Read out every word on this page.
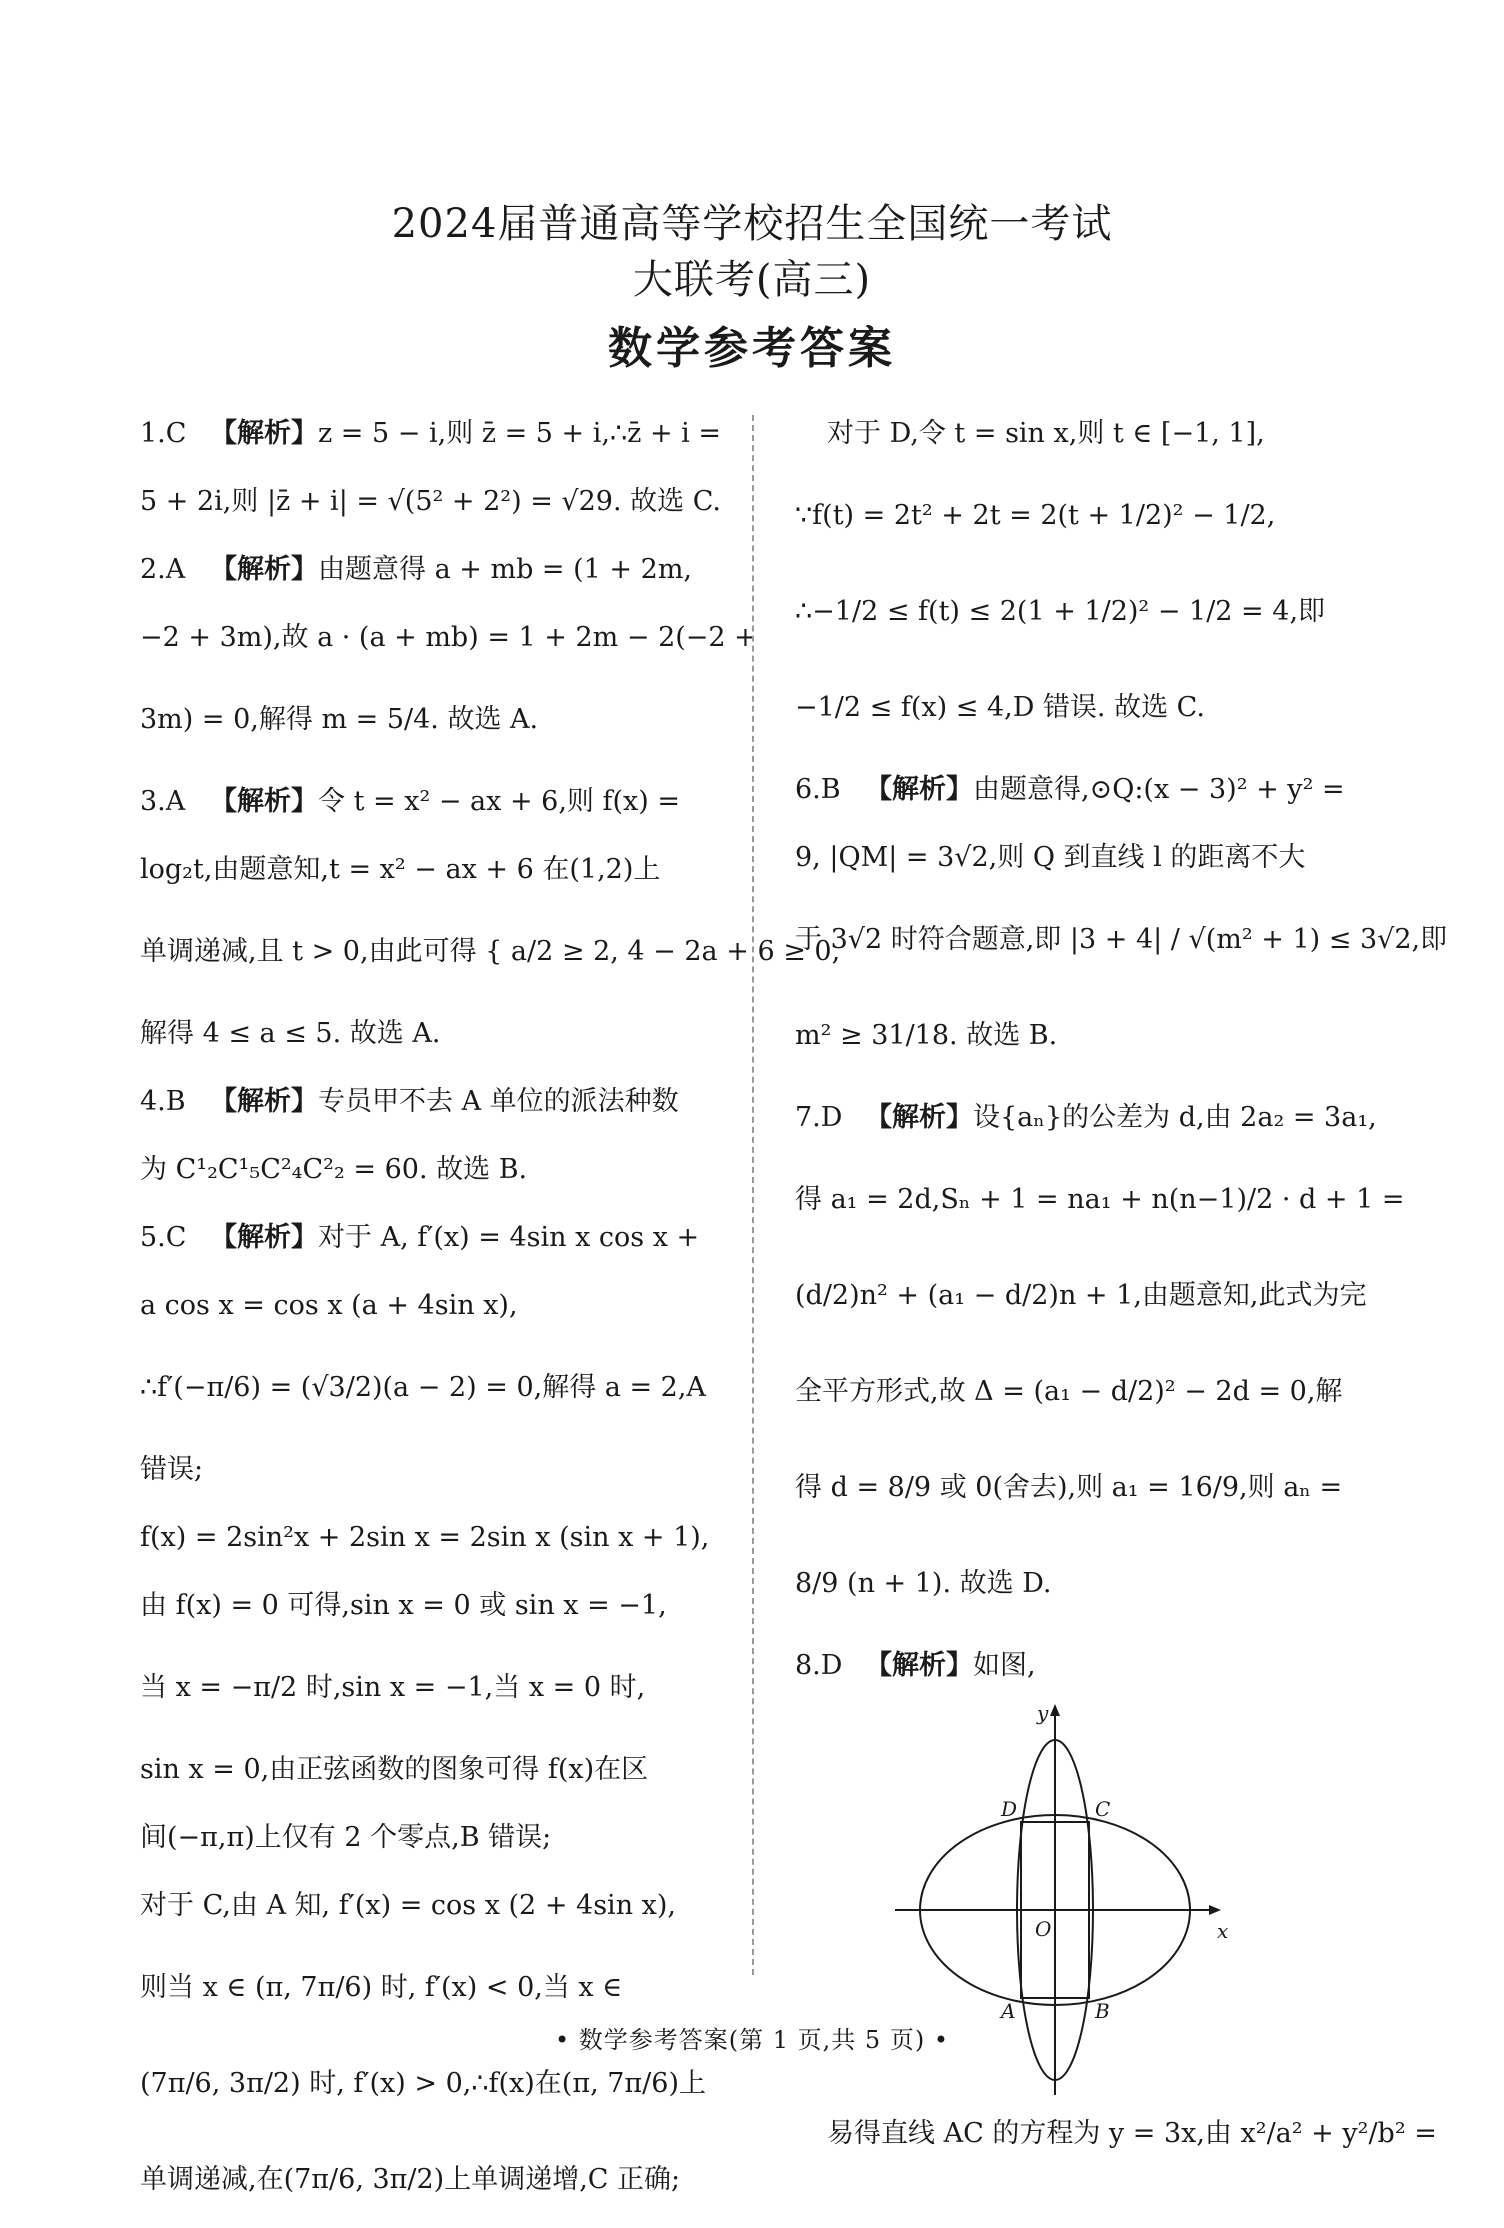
2024届普通高等学校招生全国统一考试
大联考(高三)
数学参考答案
1.C 【解析】z = 5 − i,则 z̄ = 5 + i,∴z̄ + i =
5 + 2i,则 |z̄ + i| = √(5² + 2²) = √29. 故选 C.
2.A 【解析】由题意得 a + mb = (1 + 2m,
−2 + 3m),故 a · (a + mb) = 1 + 2m − 2(−2 +
3m) = 0,解得 m = 5/4. 故选 A.
3.A 【解析】令 t = x² − ax + 6,则 f(x) =
log₂t,由题意知,t = x² − ax + 6 在(1,2)上
单调递减,且 t > 0,由此可得 { a/2 ≥ 2, 4 − 2a + 6 ≥ 0,
解得 4 ≤ a ≤ 5. 故选 A.
4.B 【解析】专员甲不去 A 单位的派法种数
为 C¹₂C¹₅C²₄C²₂ = 60. 故选 B.
5.C 【解析】对于 A, f′(x) = 4sin x cos x +
a cos x = cos x (a + 4sin x),
∴f′(−π/6) = (√3/2)(a − 2) = 0,解得 a = 2,A
错误;
f(x) = 2sin²x + 2sin x = 2sin x (sin x + 1),
由 f(x) = 0 可得,sin x = 0 或 sin x = −1,
当 x = −π/2 时,sin x = −1,当 x = 0 时,
sin x = 0,由正弦函数的图象可得 f(x)在区
间(−π,π)上仅有 2 个零点,B 错误;
对于 C,由 A 知, f′(x) = cos x (2 + 4sin x),
则当 x ∈ (π, 7π/6) 时, f′(x) < 0,当 x ∈
(7π/6, 3π/2) 时, f′(x) > 0,∴f(x)在(π, 7π/6)上
单调递减,在(7π/6, 3π/2)上单调递增,C 正确;
对于 D,令 t = sin x,则 t ∈ [−1, 1],
∵f(t) = 2t² + 2t = 2(t + 1/2)² − 1/2,
∴−1/2 ≤ f(t) ≤ 2(1 + 1/2)² − 1/2 = 4,即
−1/2 ≤ f(x) ≤ 4,D 错误. 故选 C.
6.B 【解析】由题意得,⊙Q:(x − 3)² + y² =
9, |QM| = 3√2,则 Q 到直线 l 的距离不大
于 3√2 时符合题意,即 |3 + 4| / √(m² + 1) ≤ 3√2,即
m² ≥ 31/18. 故选 B.
7.D 【解析】设{aₙ}的公差为 d,由 2a₂ = 3a₁,
得 a₁ = 2d,Sₙ + 1 = na₁ + n(n−1)/2 · d + 1 =
(d/2)n² + (a₁ − d/2)n + 1,由题意知,此式为完
全平方形式,故 Δ = (a₁ − d/2)² − 2d = 0,解
得 d = 8/9 或 0(舍去),则 a₁ = 16/9,则 aₙ =
8/9 (n + 1). 故选 D.
8.D 【解析】如图,
y
x
O
D	C
A	B
易得直线 AC 的方程为 y = 3x,由 x²/a² + y²/b² =
• 数学参考答案(第 1 页,共 5 页) •
